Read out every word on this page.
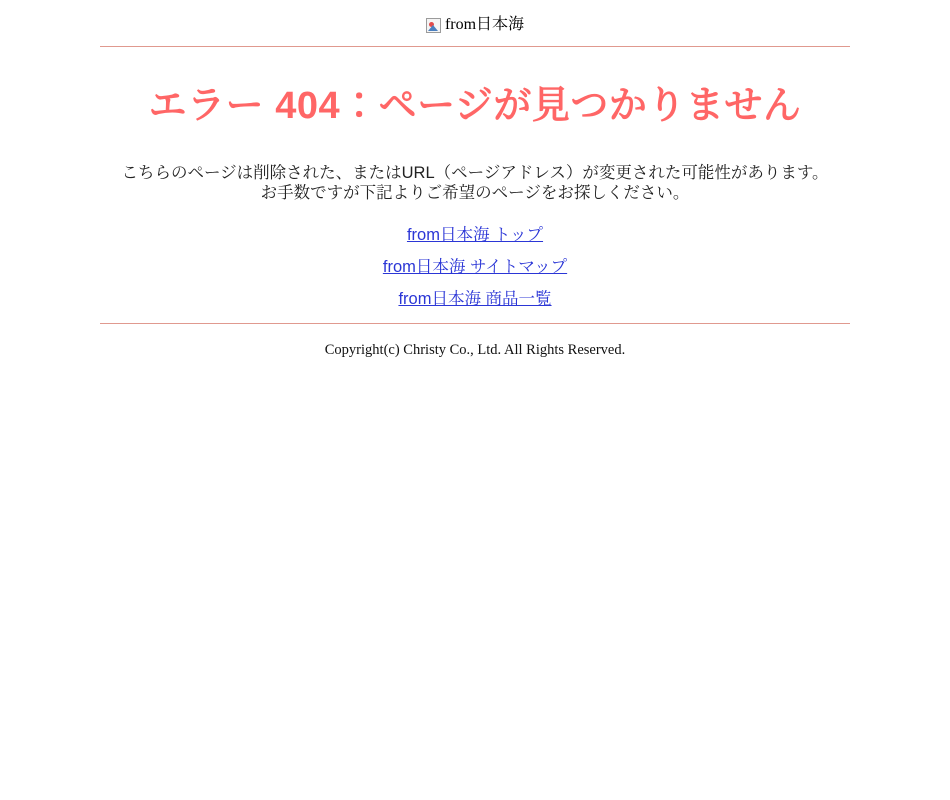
from日本海
エラー 404：ページが見つかりません

こちらのページは削除された、またはURL（ページアドレス）が変更された可能性があります。
お手数ですが下記よりご希望のページをお探しください。

from日本海 トップ
from日本海 サイトマップ
from日本海 商品一覧
Copyright(c) Christy Co., Ltd. All Rights Reserved.
